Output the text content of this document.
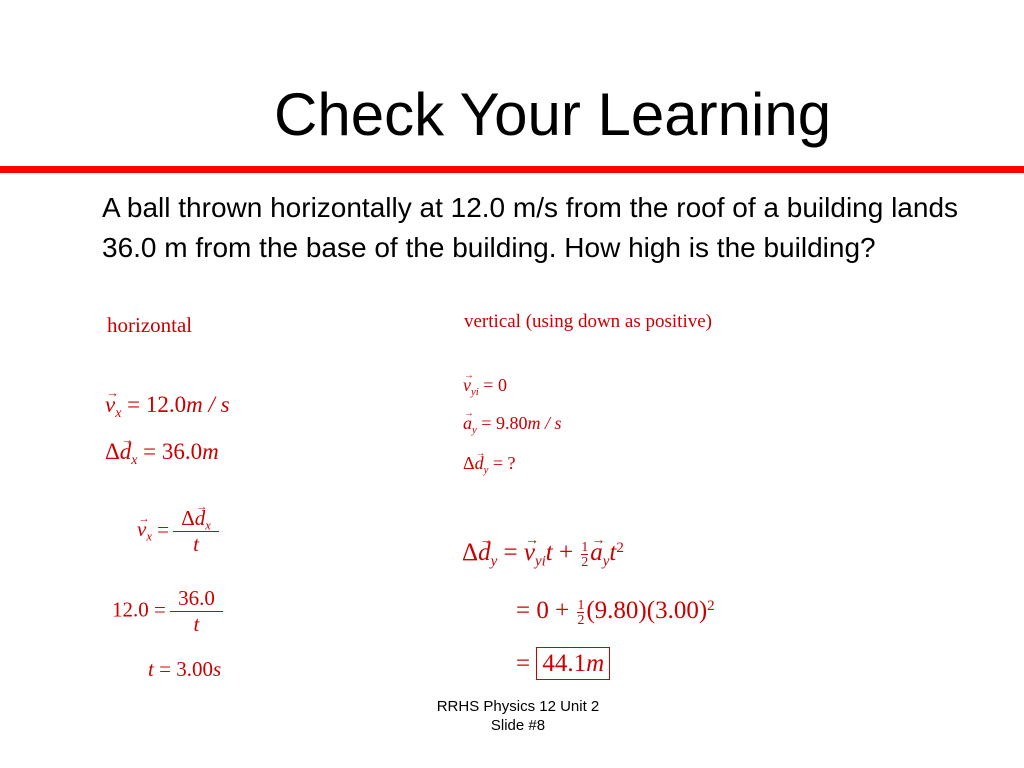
Check Your Learning
A ball thrown horizontally at 12.0 m/s from the roof of a building lands 36.0 m from the base of the building. How high is the building?
horizontal
→ $v_x = 12.0m / s$
$\Delta\to d_x = 36.0m$
→ $v_x = \frac{\Delta\to d_x}{t}$
$12.0 = \frac{36.0}{t}$
t = 3.00s
vertical (using down as positive)
→ $v_{yi} = 0$
→ $a_y = 9.80m / s$
$\Delta\to d_y$ = ?
$\Delta\to d_y$ = → $v_{yi}t + \frac{1}{2}$
→ $a_yt^2$
= $0 + \frac{1}{2} (9.80)(3.00)^2$
= 44.1m
RRHS Physics 12 Unit 2
Slide #8
